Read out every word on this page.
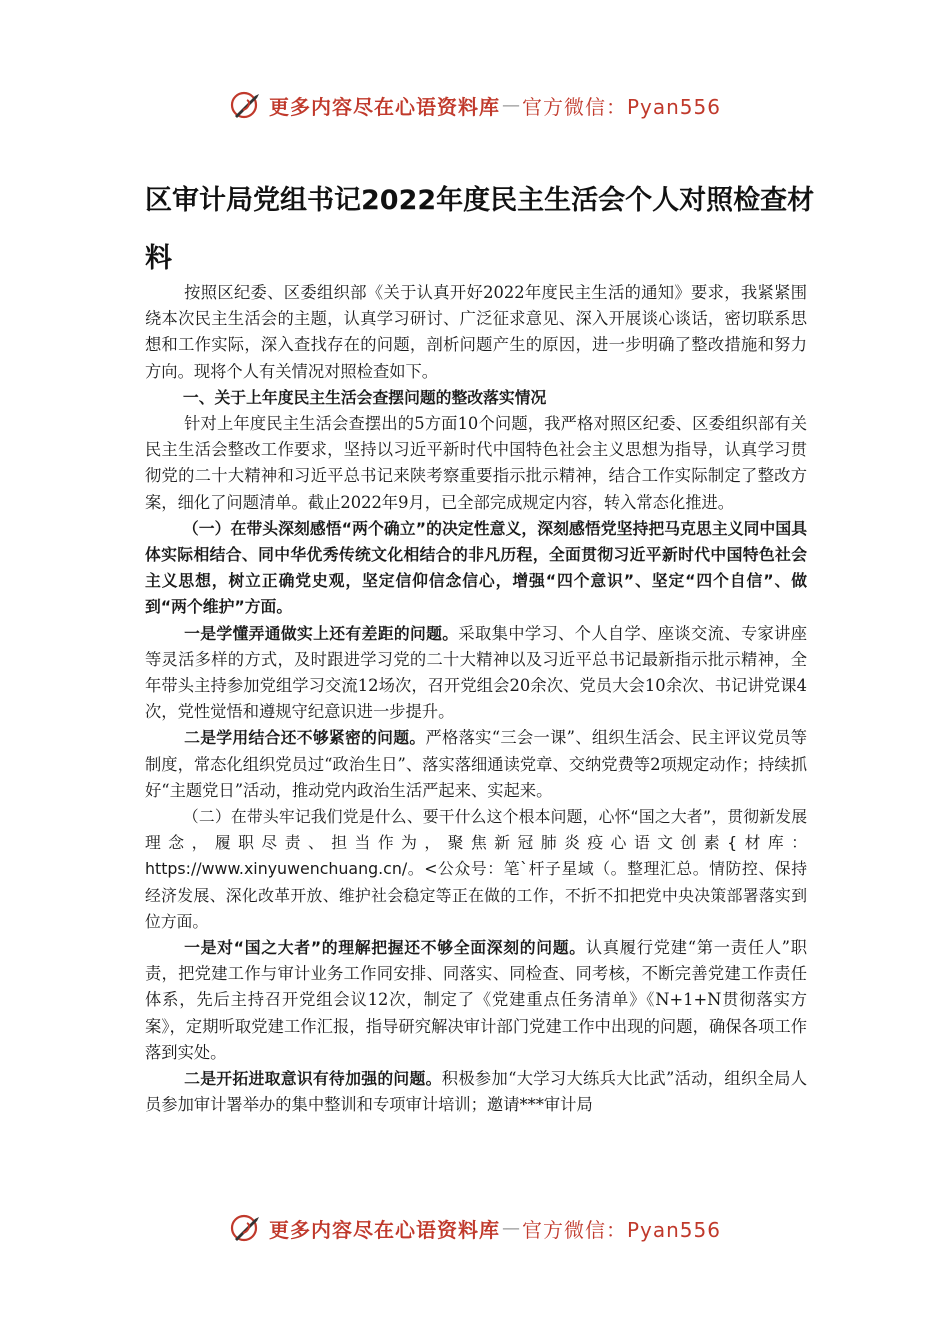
更多内容尽在心语资料库 — 官方微信：Pyan556
区审计局党组书记2022年度民主生活会个人对照检查材料

按照区纪委、区委组织部《关于认真开好2022年度民主生活的通知》要求，我紧紧围绕本次民主生活会的主题，认真学习研讨、广泛征求意见、深入开展谈心谈话，密切联系思想和工作实际，深入查找存在的问题，剖析问题产生的原因，进一步明确了整改措施和努力方向。现将个人有关情况对照检查如下。

一、关于上年度民主生活会查摆问题的整改落实情况

针对上年度民主生活会查摆出的5方面10个问题，我严格对照区纪委、区委组织部有关民主生活会整改工作要求，坚持以习近平新时代中国特色社会主义思想为指导，认真学习贯彻党的二十大精神和习近平总书记来陕考察重要指示批示精神，结合工作实际制定了整改方案，细化了问题清单。截止2022年9月，已全部完成规定内容，转入常态化推进。

（一）在带头深刻感悟“两个确立”的决定性意义，深刻感悟党坚持把马克思主义同中国具体实际相结合、同中华优秀传统文化相结合的非凡历程，全面贯彻习近平新时代中国特色社会主义思想，树立正确党史观，坚定信仰信念信心，增强“四个意识”、坚定“四个自信”、做到“两个维护”方面。

一是学懂弄通做实上还有差距的问题。采取集中学习、个人自学、座谈交流、专家讲座等灵活多样的方式，及时跟进学习党的二十大精神以及习近平总书记最新指示批示精神，全年带头主持参加党组学习交流12场次，召开党组会20余次、党员大会10余次、书记讲党课4次，党性觉悟和遵规守纪意识进一步提升。

二是学用结合还不够紧密的问题。严格落实“三会一课”、组织生活会、民主评议党员等制度，常态化组织党员过“政治生日”、落实落细通读党章、交纳党费等2项规定动作；持续抓好“主题党日”活动，推动党内政治生活严起来、实起来。

（二）在带头牢记我们党是什么、要干什么这个根本问题，心怀“国之大者”，贯彻新发展理念，履职尽责、担当作为，聚焦新冠肺炎疫心语文创素{材库：https://www.xinyuwenchuang.cn/。<公众号：笔`杆子星域（。整理汇总。情防控、保持经济发展、深化改革开放、维护社会稳定等正在做的工作，不折不扣把党中央决策部署落实到位方面。

一是对“国之大者”的理解把握还不够全面深刻的问题。认真履行党建“第一责任人”职责，把党建工作与审计业务工作同安排、同落实、同检查、同考核，不断完善党建工作责任体系，先后主持召开党组会议12次，制定了《党建重点任务清单》《N+1+N贯彻落实方案》，定期听取党建工作汇报，指导研究解决审计部门党建工作中出现的问题，确保各项工作落到实处。

二是开拓进取意识有待加强的问题。积极参加“大学习大练兵大比武”活动，组织全局人员参加审计署举办的集中整训和专项审计培训；邀请***审计局

更多内容尽在心语资料库 — 官方微信：Pyan556
